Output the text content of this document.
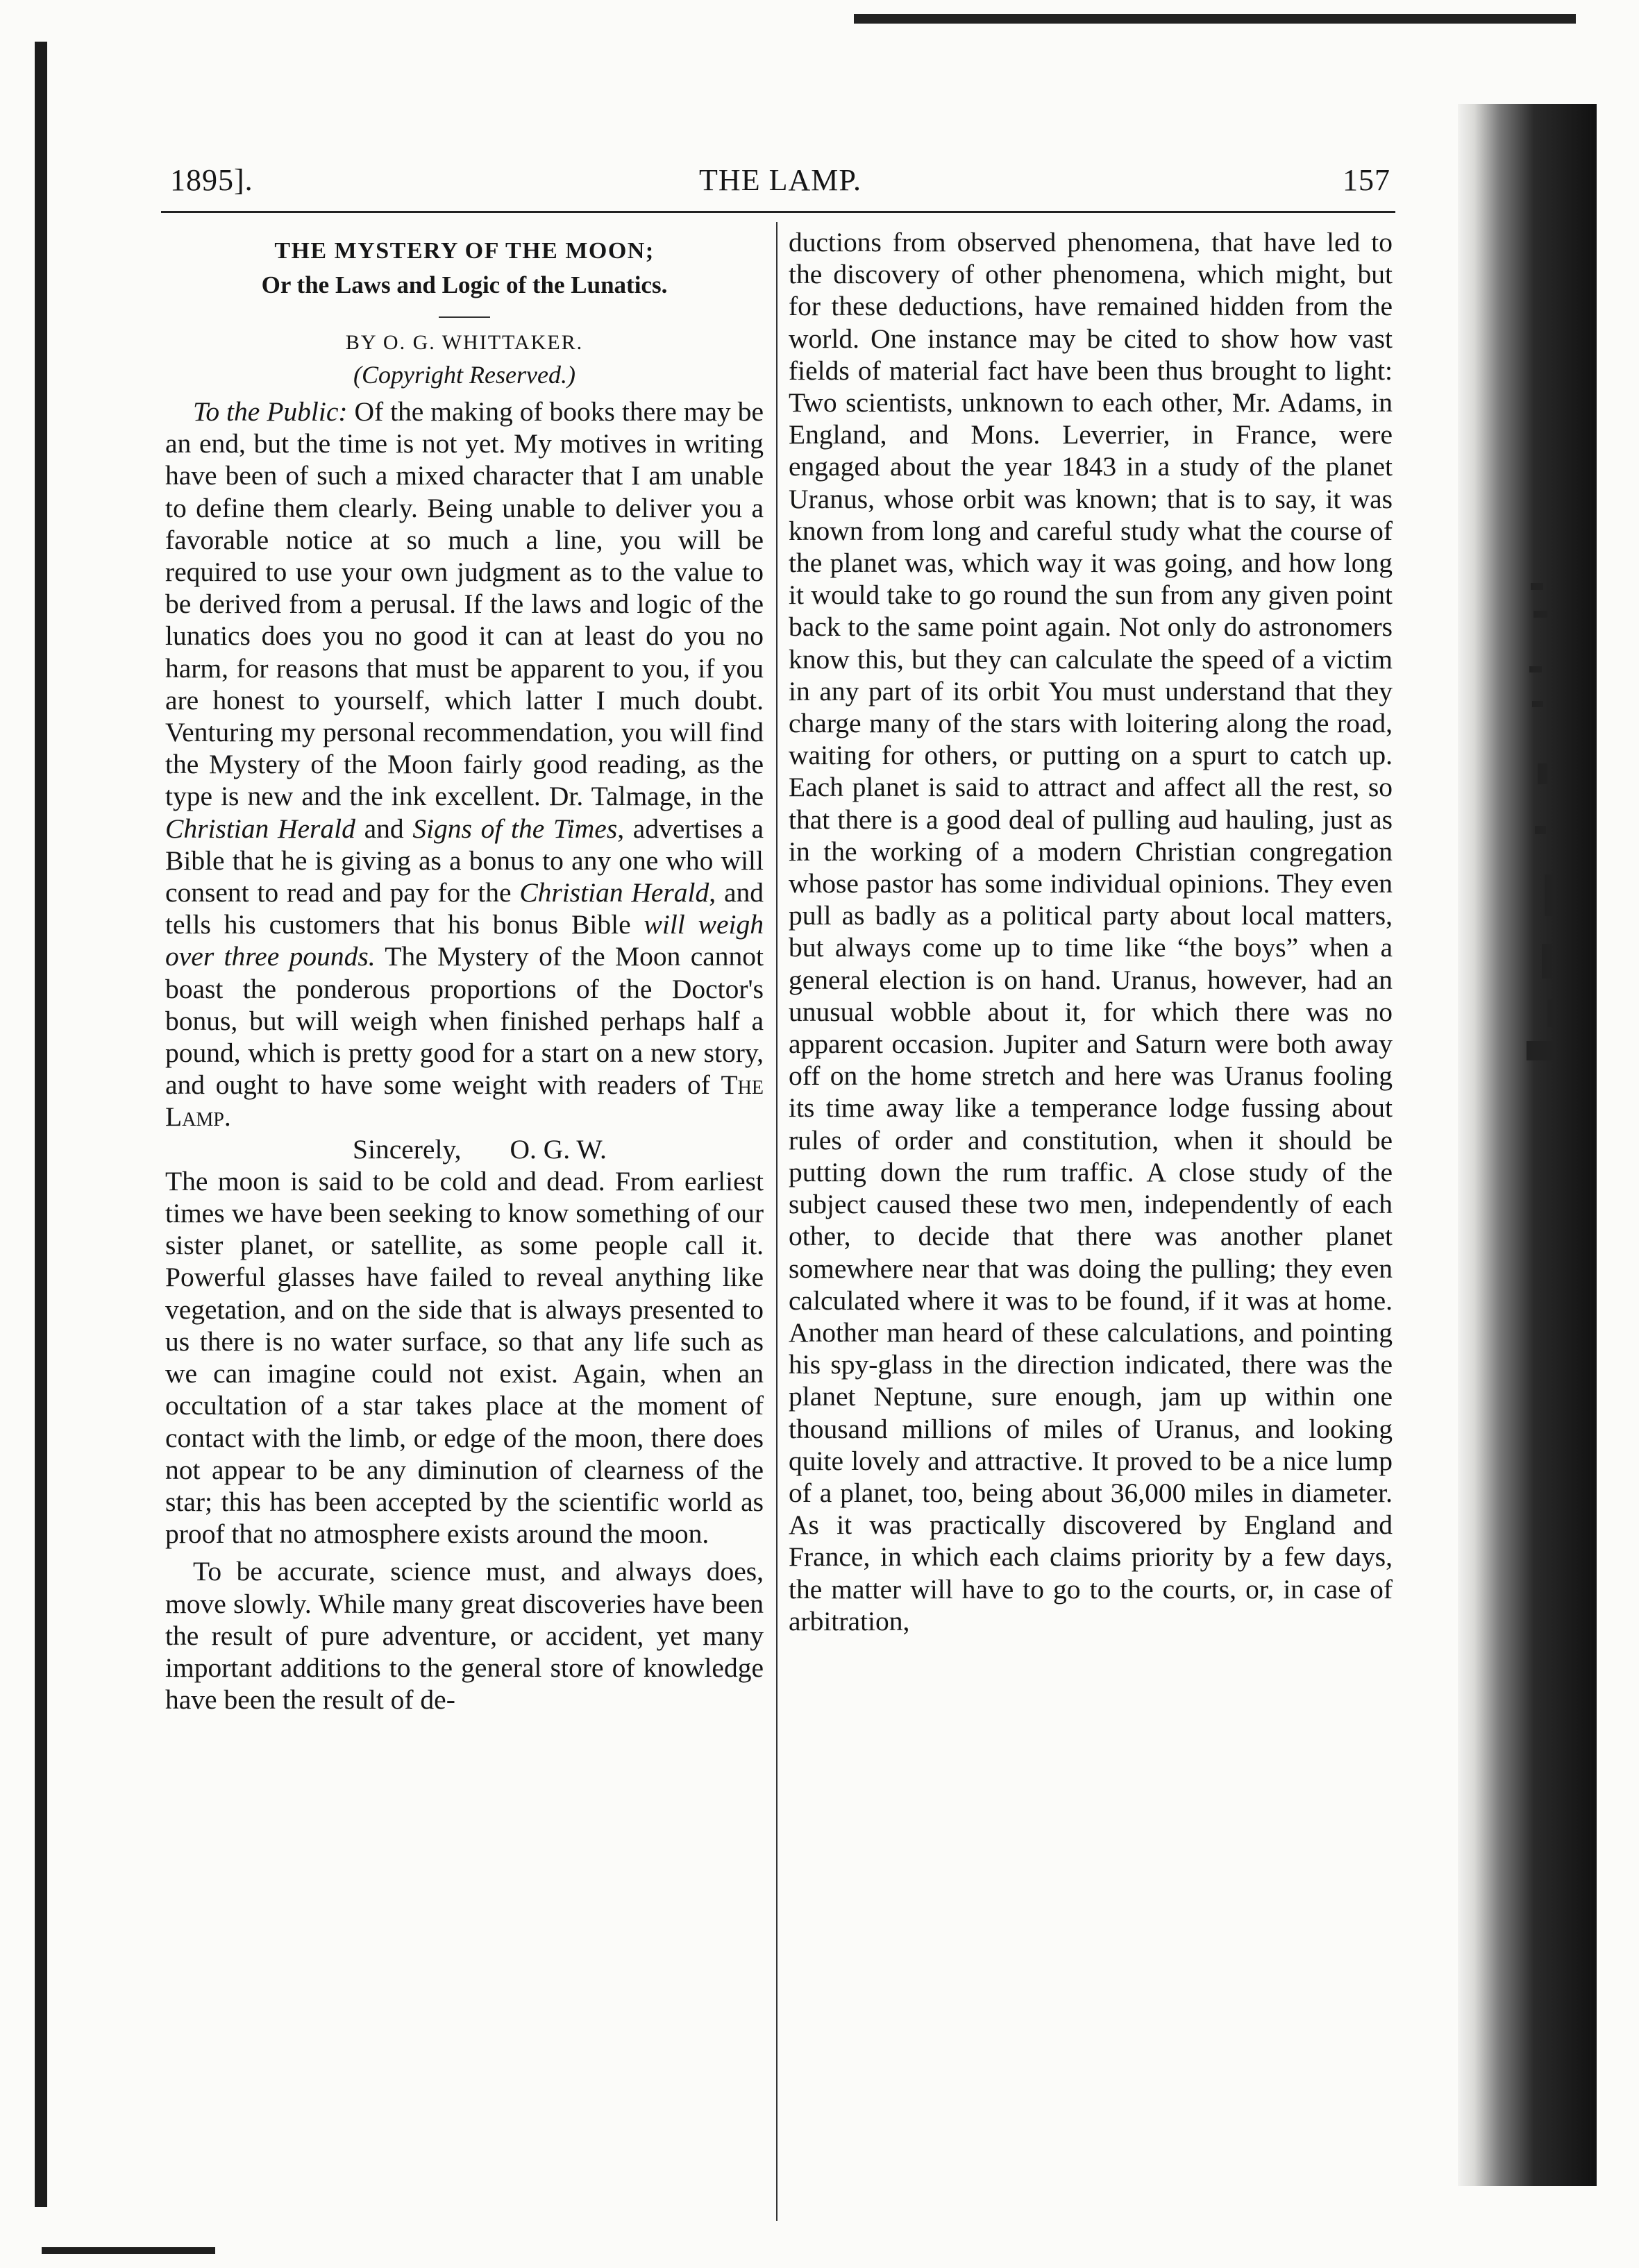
1895].	THE LAMP.	157
THE MYSTERY OF THE MOON;
Or the Laws and Logic of the Lunatics.
BY O. G. WHITTAKER.
(Copyright Reserved.)

To the Public: Of the making of books there may be an end, but the time is not yet. My motives in writing have been of such a mixed character that I am unable to define them clearly. Being unable to deliver you a favorable notice at so much a line, you will be required to use your own judgment as to the value to be derived from a perusal. If the laws and logic of the lunatics does you no good it can at least do you no harm, for reasons that must be apparent to you, if you are honest to yourself, which latter I much doubt. Venturing my personal recommendation, you will find the Mystery of the Moon fairly good reading, as the type is new and the ink excellent. Dr. Talmage, in the Christian Herald and Signs of the Times, advertises a Bible that he is giving as a bonus to any one who will consent to read and pay for the Christian Herald, and tells his customers that his bonus Bible will weigh over three pounds. The Mystery of the Moon cannot boast the ponderous proportions of the Doctor's bonus, but will weigh when finished perhaps half a pound, which is pretty good for a start on a new story, and ought to have some weight with readers of The Lamp.

Sincerely, O. G. W.

The moon is said to be cold and dead. From earliest times we have been seeking to know something of our sister planet, or satellite, as some people call it. Powerful glasses have failed to reveal anything like vegetation, and on the side that is always presented to us there is no water surface, so that any life such as we can imagine could not exist. Again, when an occultation of a star takes place at the moment of contact with the limb, or edge of the moon, there does not appear to be any diminution of clearness of the star; this has been accepted by the scientific world as proof that no atmosphere exists around the moon.

To be accurate, science must, and always does, move slowly. While many great discoveries have been the result of pure adventure, or accident, yet many important additions to the general store of knowledge have been the result of de-

ductions from observed phenomena, that have led to the discovery of other phenomena, which might, but for these deductions, have remained hidden from the world. One instance may be cited to show how vast fields of material fact have been thus brought to light: Two scientists, unknown to each other, Mr. Adams, in England, and Mons. Leverrier, in France, were engaged about the year 1843 in a study of the planet Uranus, whose orbit was known; that is to say, it was known from long and careful study what the course of the planet was, which way it was going, and how long it would take to go round the sun from any given point back to the same point again. Not only do astronomers know this, but they can calculate the speed of a victim in any part of its orbit You must understand that they charge many of the stars with loitering along the road, waiting for others, or putting on a spurt to catch up. Each planet is said to attract and affect all the rest, so that there is a good deal of pulling aud hauling, just as in the working of a modern Christian congregation whose pastor has some individual opinions. They even pull as badly as a political party about local matters, but always come up to time like “the boys” when a general election is on hand. Uranus, however, had an unusual wobble about it, for which there was no apparent occasion. Jupiter and Saturn were both away off on the home stretch and here was Uranus fooling its time away like a temperance lodge fussing about rules of order and constitution, when it should be putting down the rum traffic. A close study of the subject caused these two men, independently of each other, to decide that there was another planet somewhere near that was doing the pulling; they even calculated where it was to be found, if it was at home. Another man heard of these calculations, and pointing his spy-glass in the direction indicated, there was the planet Neptune, sure enough, jam up within one thousand millions of miles of Uranus, and looking quite lovely and attractive. It proved to be a nice lump of a planet, too, being about 36,000 miles in diameter. As it was practically discovered by England and France, in which each claims priority by a few days, the matter will have to go to the courts, or, in case of arbitration,
